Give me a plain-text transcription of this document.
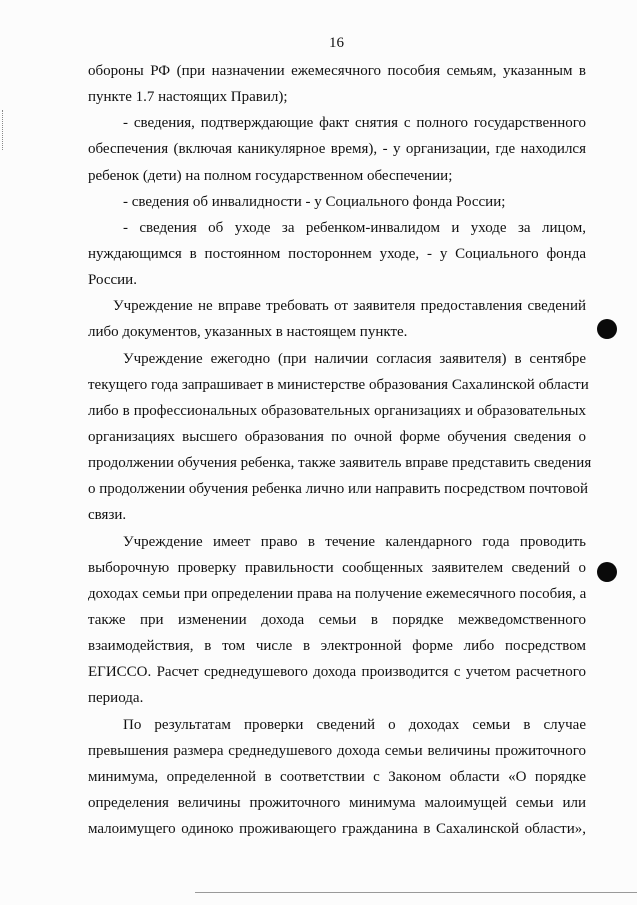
16
обороны РФ (при назначении ежемесячного пособия семьям, указанным в
пункте 1.7 настоящих Правил);
- сведения, подтверждающие факт снятия с полного государственного
обеспечения (включая каникулярное время), - у организации, где находился
ребенок (дети) на полном государственном обеспечении;
- сведения об инвалидности - у Социального фонда России;
- сведения об уходе за ребенком-инвалидом и уходе за лицом,
нуждающимся в постоянном постороннем уходе, - у Социального фонда
России.
Учреждение не вправе требовать от заявителя предоставления сведений
либо документов, указанных в настоящем пункте.
Учреждение ежегодно (при наличии согласия заявителя) в сентябре
текущего года запрашивает в министерстве образования Сахалинской области
либо в профессиональных образовательных организациях и образовательных
организациях высшего образования по очной форме обучения сведения о
продолжении обучения ребенка, также заявитель вправе представить сведения
о продолжении обучения ребенка лично или направить посредством почтовой
связи.
Учреждение имеет право в течение календарного года проводить
выборочную проверку правильности сообщенных заявителем сведений о
доходах семьи при определении права на получение ежемесячного пособия, а
также при изменении дохода семьи в порядке межведомственного
взаимодействия, в том числе в электронной форме либо посредством
ЕГИССО. Расчет среднедушевого дохода производится с учетом расчетного
периода.
По результатам проверки сведений о доходах семьи в случае
превышения размера среднедушевого дохода семьи величины прожиточного
минимума, определенной в соответствии с Законом области «О порядке
определения величины прожиточного минимума малоимущей семьи или
малоимущего одиноко проживающего гражданина в Сахалинской области»,
